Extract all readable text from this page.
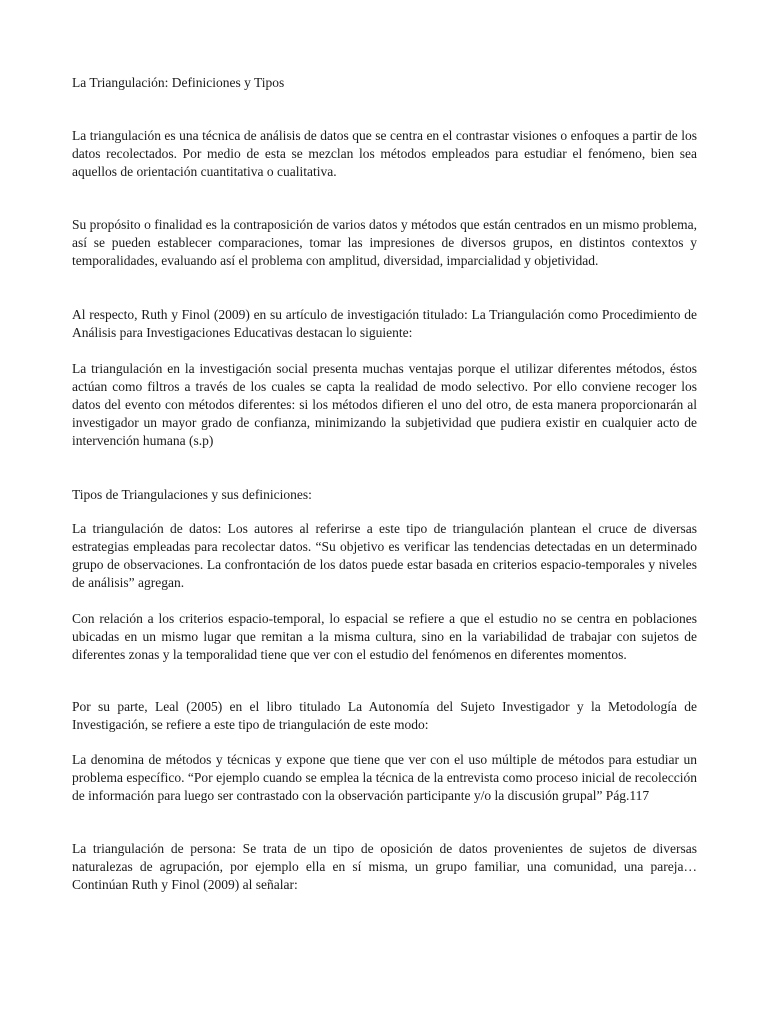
La Triangulación: Definiciones y Tipos

La triangulación es una técnica de análisis de datos que se centra en el contrastar visiones o enfoques a partir de los datos recolectados. Por medio de esta se mezclan los métodos empleados para estudiar el fenómeno, bien sea aquellos de orientación cuantitativa o cualitativa.

Su propósito o finalidad es la contraposición de varios datos y métodos que están centrados en un mismo problema, así se pueden establecer comparaciones, tomar las impresiones de diversos grupos, en distintos contextos y temporalidades, evaluando así el problema con amplitud, diversidad, imparcialidad y objetividad.

Al respecto, Ruth y Finol (2009) en su artículo de investigación titulado: La Triangulación como Procedimiento de Análisis para Investigaciones Educativas destacan lo siguiente:

La triangulación en la investigación social presenta muchas ventajas porque el utilizar diferentes métodos, éstos actúan como filtros a través de los cuales se capta la realidad de modo selectivo. Por ello conviene recoger los datos del evento con métodos diferentes: si los métodos difieren el uno del otro, de esta manera proporcionarán al investigador un mayor grado de confianza, minimizando la subjetividad que pudiera existir en cualquier acto de intervención humana (s.p)

Tipos de Triangulaciones y sus definiciones:

La triangulación de datos: Los autores al referirse a este tipo de triangulación plantean el cruce de diversas estrategias empleadas para recolectar datos. “Su objetivo es verificar las tendencias detectadas en un determinado grupo de observaciones. La confrontación de los datos puede estar basada en criterios espacio-temporales y niveles de análisis” agregan.

Con relación a los criterios espacio-temporal, lo espacial se refiere a que el estudio no se centra en poblaciones ubicadas en un mismo lugar que remitan a la misma cultura, sino en la variabilidad de trabajar con sujetos de diferentes zonas y la temporalidad tiene que ver con el estudio del fenómenos en diferentes momentos.

Por su parte, Leal (2005) en el libro titulado La Autonomía del Sujeto Investigador y la Metodología de Investigación, se refiere a este tipo de triangulación de este modo:

La denomina de métodos y técnicas y expone que tiene que ver con el uso múltiple de métodos para estudiar un problema específico. “Por ejemplo cuando se emplea la técnica de la entrevista como proceso inicial de recolección de información para luego ser contrastado con la observación participante y/o la discusión grupal” Pág.117

La triangulación de persona: Se trata de un tipo de oposición de datos provenientes de sujetos de diversas naturalezas de agrupación, por ejemplo ella en sí misma, un grupo familiar, una comunidad, una pareja… Continúan Ruth y Finol (2009) al señalar:
